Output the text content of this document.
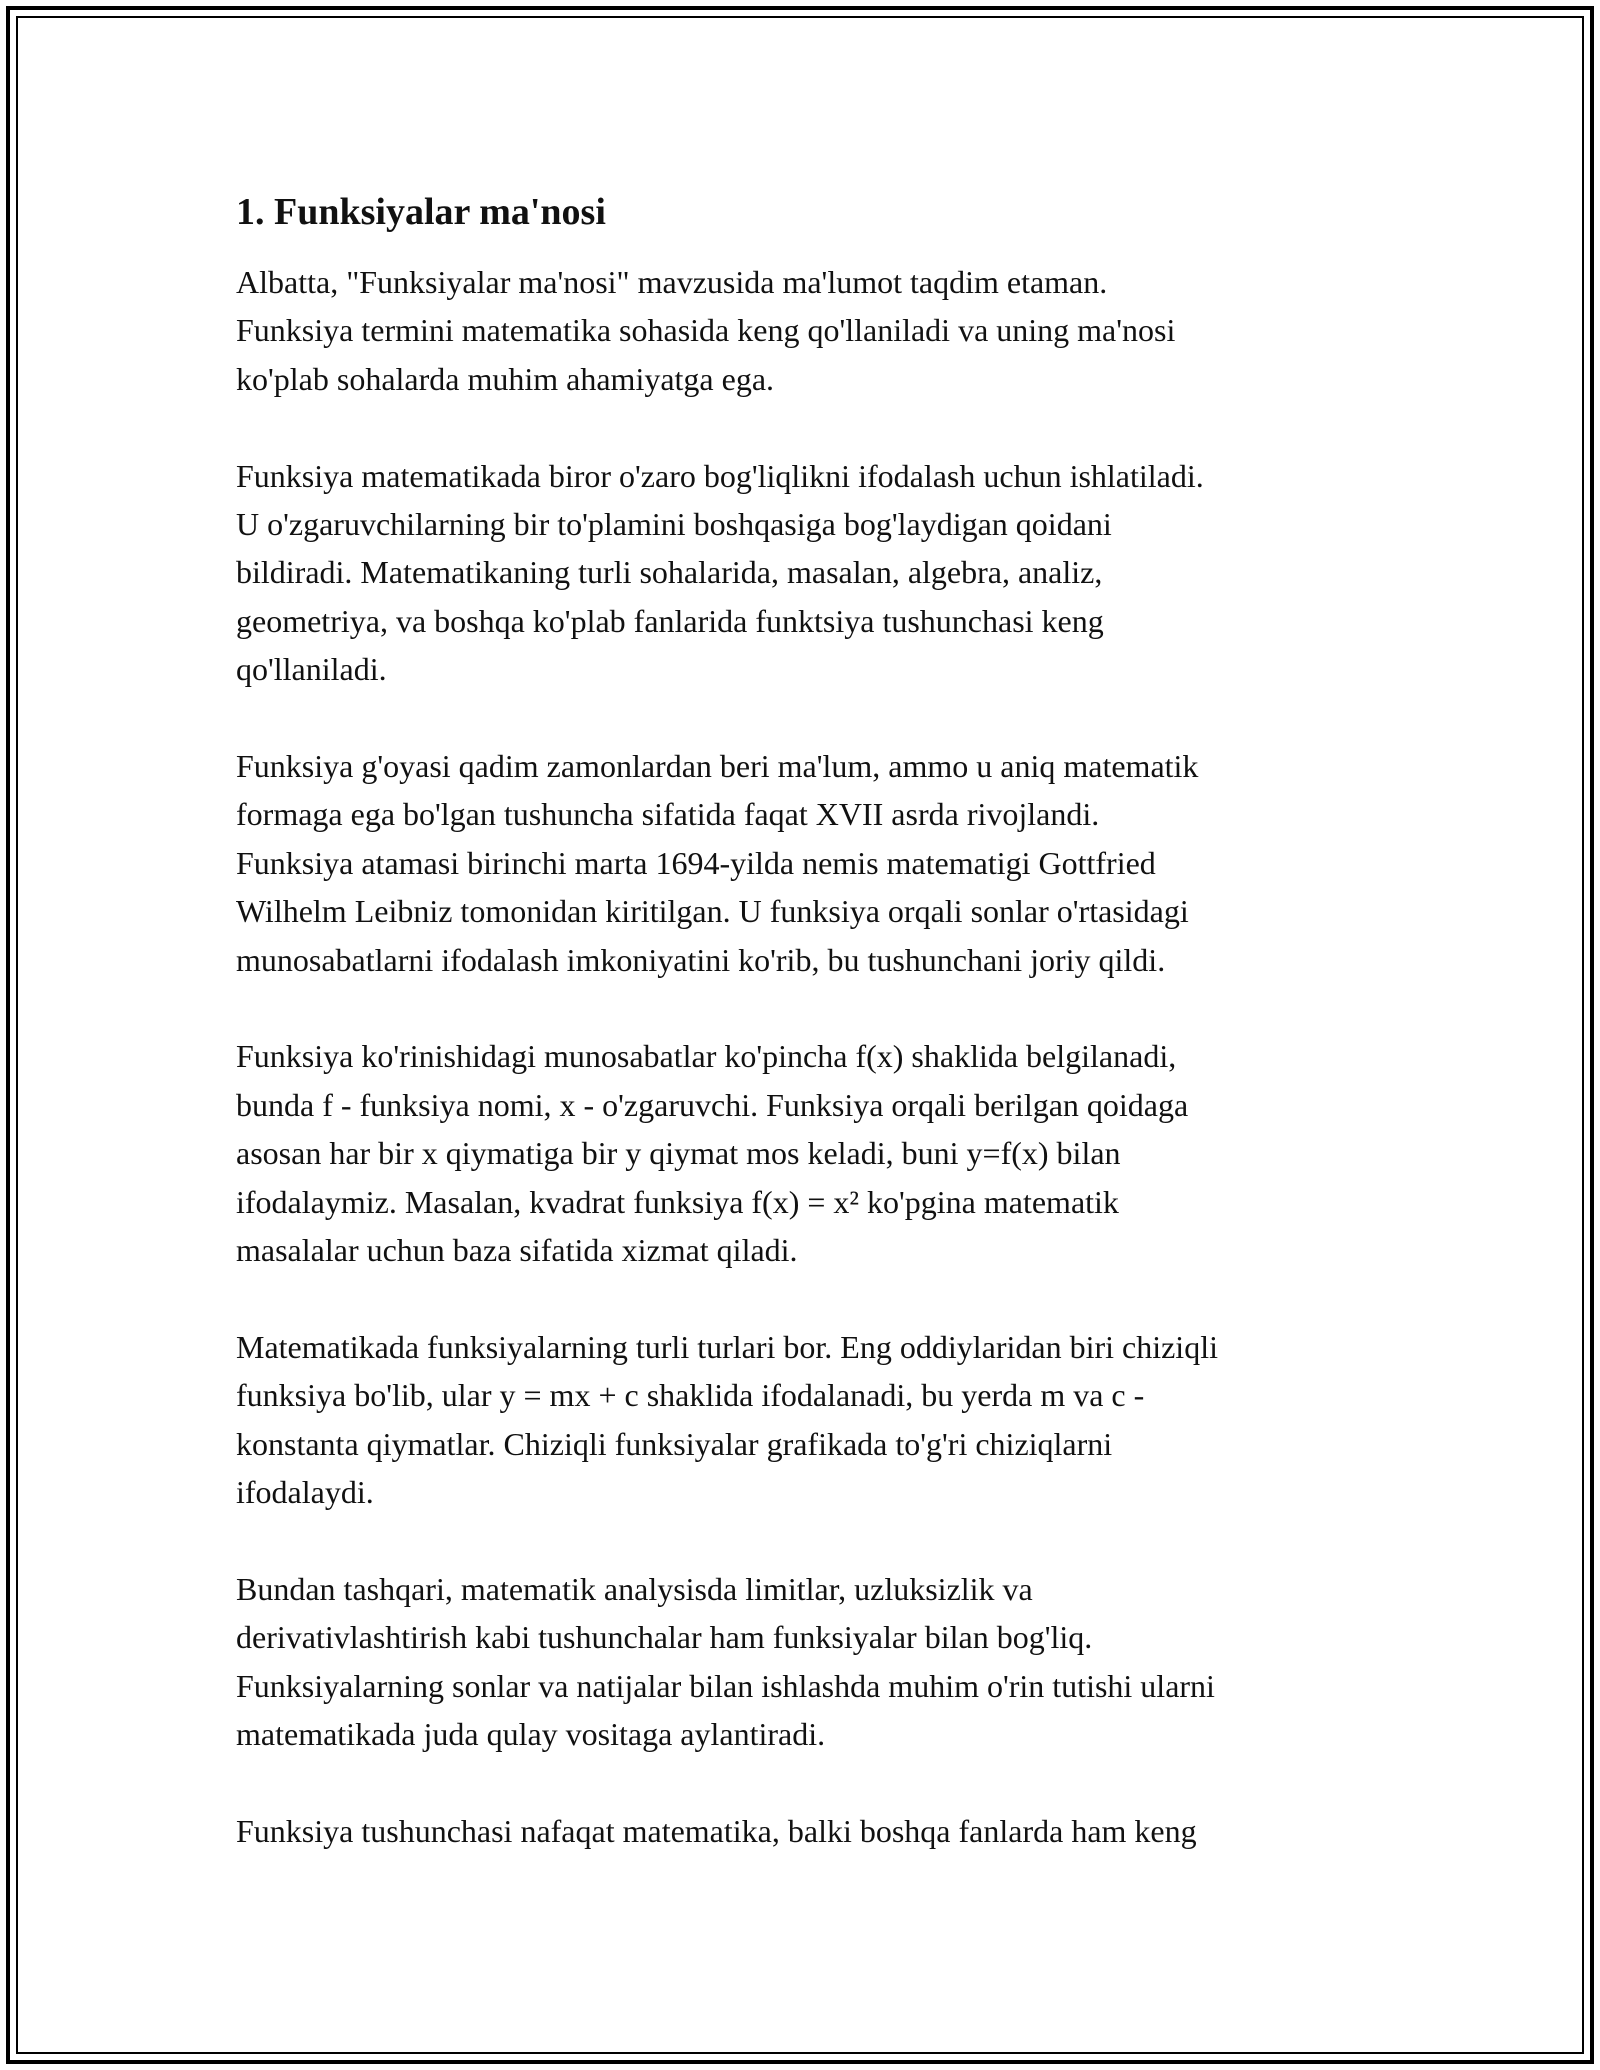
1. Funksiyalar ma'nosi

Albatta, "Funksiyalar ma'nosi" mavzusida ma'lumot taqdim etaman.
Funksiya termini matematika sohasida keng qo'llaniladi va uning ma'nosi
ko'plab sohalarda muhim ahamiyatga ega.

Funksiya matematikada biror o'zaro bog'liqlikni ifodalash uchun ishlatiladi.
U o'zgaruvchilarning bir to'plamini boshqasiga bog'laydigan qoidani
bildiradi. Matematikaning turli sohalarida, masalan, algebra, analiz,
geometriya, va boshqa ko'plab fanlarida funktsiya tushunchasi keng
qo'llaniladi.

Funksiya g'oyasi qadim zamonlardan beri ma'lum, ammo u aniq matematik
formaga ega bo'lgan tushuncha sifatida faqat XVII asrda rivojlandi.
Funksiya atamasi birinchi marta 1694-yilda nemis matematigi Gottfried
Wilhelm Leibniz tomonidan kiritilgan. U funksiya orqali sonlar o'rtasidagi
munosabatlarni ifodalash imkoniyatini ko'rib, bu tushunchani joriy qildi.

Funksiya ko'rinishidagi munosabatlar ko'pincha f(x) shaklida belgilanadi,
bunda f - funksiya nomi, x - o'zgaruvchi. Funksiya orqali berilgan qoidaga
asosan har bir x qiymatiga bir y qiymat mos keladi, buni y=f(x) bilan
ifodalaymiz. Masalan, kvadrat funksiya f(x) = x² ko'pgina matematik
masalalar uchun baza sifatida xizmat qiladi.

Matematikada funksiyalarning turli turlari bor. Eng oddiylaridan biri chiziqli
funksiya bo'lib, ular y = mx + c shaklida ifodalanadi, bu yerda m va c -
konstanta qiymatlar. Chiziqli funksiyalar grafikada to'g'ri chiziqlarni
ifodalaydi.

Bundan tashqari, matematik analysisda limitlar, uzluksizlik va
derivativlashtirish kabi tushunchalar ham funksiyalar bilan bog'liq.
Funksiyalarning sonlar va natijalar bilan ishlashda muhim o'rin tutishi ularni
matematikada juda qulay vositaga aylantiradi.

Funksiya tushunchasi nafaqat matematika, balki boshqa fanlarda ham keng
